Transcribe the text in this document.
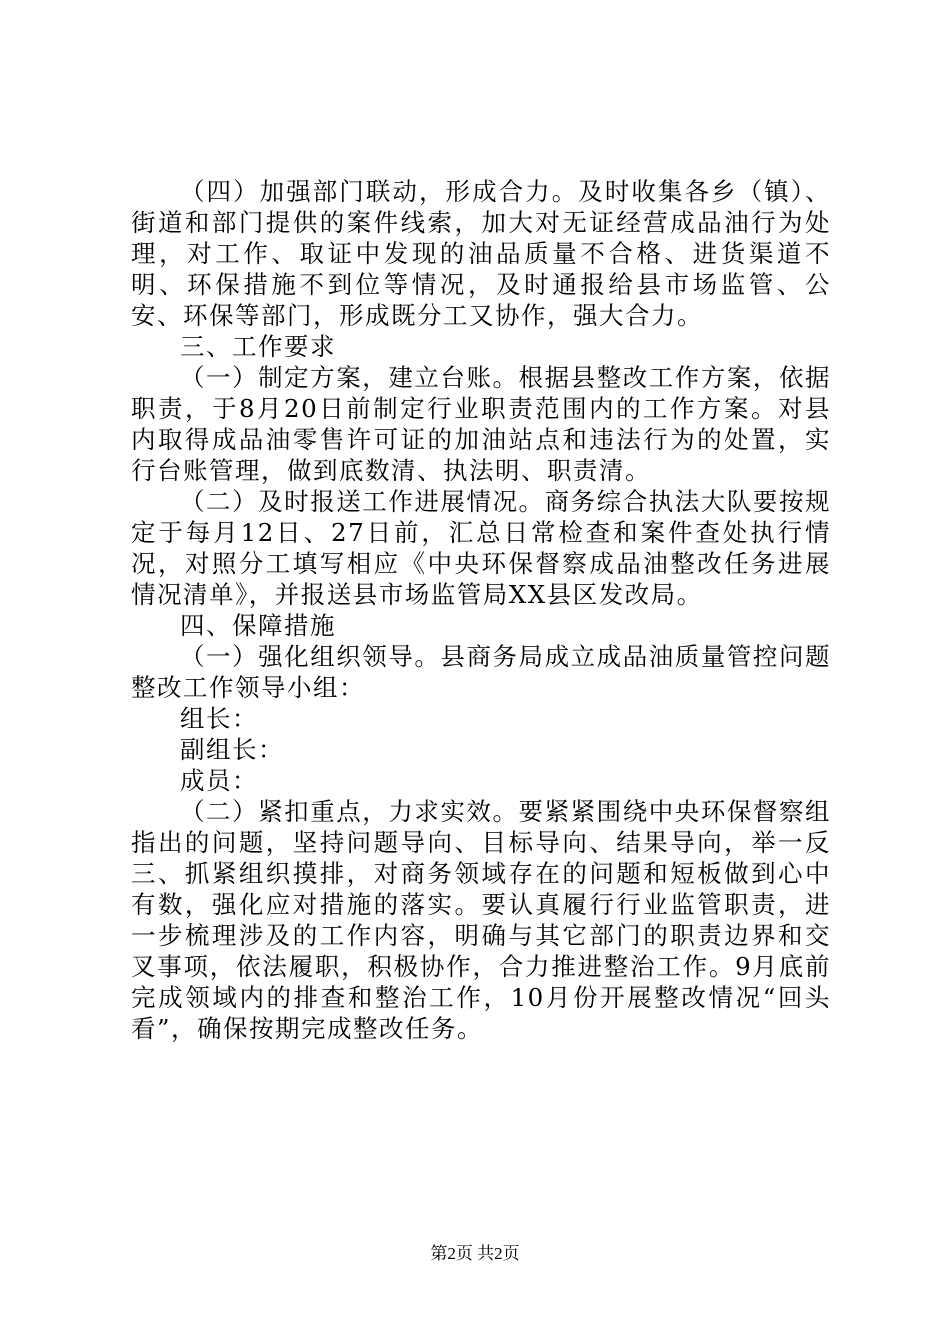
（四）加强部门联动，形成合力。及时收集各乡（镇）、街道和部门提供的案件线索，加大对无证经营成品油行为处理，对工作、取证中发现的油品质量不合格、进货渠道不明、环保措施不到位等情况，及时通报给县市场监管、公安、环保等部门，形成既分工又协作，强大合力。

三、工作要求

（一）制定方案，建立台账。根据县整改工作方案，依据职责，于8月20日前制定行业职责范围内的工作方案。对县内取得成品油零售许可证的加油站点和违法行为的处置，实行台账管理，做到底数清、执法明、职责清。

（二）及时报送工作进展情况。商务综合执法大队要按规定于每月12日、27日前，汇总日常检查和案件查处执行情况，对照分工填写相应《中央环保督察成品油整改任务进展情况清单》，并报送县市场监管局XX县区发改局。

四、保障措施

（一）强化组织领导。县商务局成立成品油质量管控问题整改工作领导小组：

组长：

副组长：

成员：

（二）紧扣重点，力求实效。要紧紧围绕中央环保督察组指出的问题，坚持问题导向、目标导向、结果导向，举一反三、抓紧组织摸排，对商务领域存在的问题和短板做到心中有数，强化应对措施的落实。要认真履行行业监管职责，进一步梳理涉及的工作内容，明确与其它部门的职责边界和交叉事项，依法履职，积极协作，合力推进整治工作。9月底前完成领域内的排查和整治工作，10月份开展整改情况“回头看”，确保按期完成整改任务。

第2页 共2页
